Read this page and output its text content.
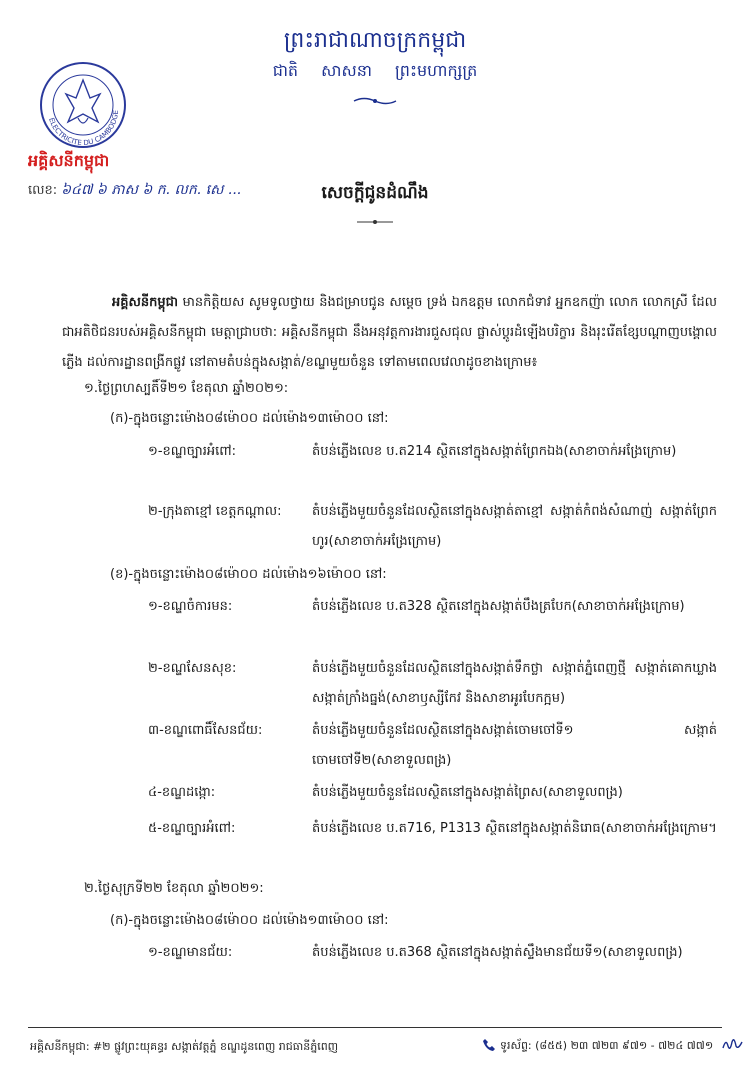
ព្រះរាជាណាចក្រកម្ពុជា
ជាតិ សាសនា ព្រះមហាក្សត្រ
ELECTRICITE DU CAMBODGE
អគ្គិសនីកម្ពុជា
លេខ: ៦៤៧ ៦ ភាស ៦ ក. លក. សេ ...	សេចក្ដីជូនដំណឹង
អគ្គិសនីកម្ពុជា មានកិត្តិយស សូមទូលថ្វាយ និងជម្រាបជូន សម្ដេច ទ្រង់ ឯកឧត្តម លោកជំទាវ អ្នកឧកញ៉ា លោក លោកស្រី ដែលជាអតិថិជនរបស់អគ្គិសនីកម្ពុជា មេត្តាជ្រាបថា: អគ្គិសនីកម្ពុជា នឹងអនុវត្តការងារជួសជុល ផ្លាស់ប្ដូរដំឡើងបរិក្ខារ និងរុះរើតខ្សែបណ្ដាញបង្គោលភ្លើង ដល់ការដ្ឋានពង្រីកផ្លូវ នៅតាមតំបន់ក្នុងសង្កាត់/ខណ្ឌមួយចំនួន ទៅតាមពេលវេលាដូចខាងក្រោម៖
១.ថ្ងៃព្រហស្បតិ៍ទី២១ ខែតុលា ឆ្នាំ២០២១:
(ក)-ក្នុងចន្លោះម៉ោង០៨ម៉ោ០០ ដល់ម៉ោង១៣ម៉ោ០០ នៅ:
១-ខណ្ឌច្បារអំពៅ:	តំបន់ភ្លើងលេខ ប.ត214 ស្ថិតនៅក្នុងសង្កាត់ព្រែកឯង(សាខាចាក់អង្រែក្រោម)
២-ក្រុងតាខ្មៅ ខេត្តកណ្ដាល: តំបន់ភ្លើងមួយចំនួនដែលស្ថិតនៅក្នុងសង្កាត់តាខ្មៅ សង្កាត់កំពង់សំណាញ់ សង្កាត់ព្រែកហូរ(សាខាចាក់អង្រែក្រោម)
(ខ)-ក្នុងចន្លោះម៉ោង០៨ម៉ោ០០ ដល់ម៉ោង១៦ម៉ោ០០ នៅ:
១-ខណ្ឌចំការមន:	តំបន់ភ្លើងលេខ ប.ត328 ស្ថិតនៅក្នុងសង្កាត់បឹងត្របែក(សាខាចាក់អង្រែក្រោម)
២-ខណ្ឌសែនសុខ:	តំបន់ភ្លើងមួយចំនួនដែលស្ថិតនៅក្នុងសង្កាត់ទឹកថ្លា សង្កាត់ភ្នំពេញថ្មី សង្កាត់គោកឃ្លាង សង្កាត់ក្រាំងធ្នង់(សាខាឫស្សីកែវ និងសាខាអូរបែកក្អម)
៣-ខណ្ឌពោធិ៍សែនជ័យ:	តំបន់ភ្លើងមួយចំនួនដែលស្ថិតនៅក្នុងសង្កាត់ចោមចៅទី១ សង្កាត់ចោមចៅទី២(សាខាទួលពង្រ)
៤-ខណ្ឌដង្កោ:	តំបន់ភ្លើងមួយចំនួនដែលស្ថិតនៅក្នុងសង្កាត់ព្រៃស(សាខាទួលពង្រ)
៥-ខណ្ឌច្បារអំពៅ:	តំបន់ភ្លើងលេខ ប.ត716, P1313 ស្ថិតនៅក្នុងសង្កាត់និរោធ(សាខាចាក់អង្រែក្រោម។
២.ថ្ងៃសុក្រទី២២ ខែតុលា ឆ្នាំ២០២១:
(ក)-ក្នុងចន្លោះម៉ោង០៨ម៉ោ០០ ដល់ម៉ោង១៣ម៉ោ០០ នៅ:
១-ខណ្ឌមានជ័យ:	តំបន់ភ្លើងលេខ ប.ត368 ស្ថិតនៅក្នុងសង្កាត់ស្ទឹងមានជ័យទី១(សាខាទួលពង្រ)
អគ្គិសនីកម្ពុជា: #២ ផ្លូវព្រះយុគន្ធរ សង្កាត់វត្តភ្នំ ខណ្ឌដូនពេញ រាជធានីភ្នំពេញ	ទូរស័ព្ទ: (៨៥៥) ២៣ ៧២៣ ៩៧១ - ៧២៤ ៧៧១
